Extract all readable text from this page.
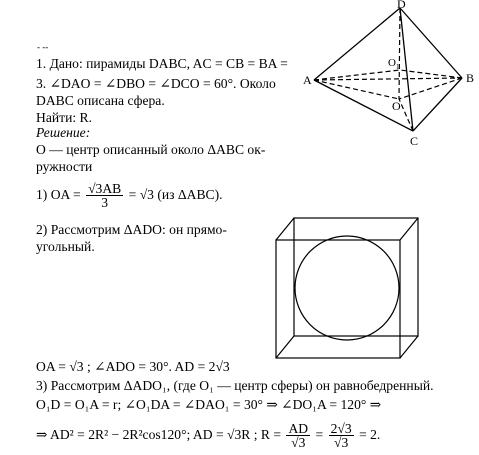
- --
1. Дано: пирамиды DABC, AC = CB = BA =
3. ∠DAO = ∠DBO = ∠DCO = 60°. Около
DABC описана сфера.
Найти: R.
Решение:
O — центр описанный около ΔABC ок-
ружности
1) OA = $\frac{√3AB}{3} = √3$ (из ΔABC).
2) Рассмотрим ΔADO: он прямо-
угольный.
OA = √3 ; ∠ADO = 30°. AD = 2√3
3) Рассмотрим ΔADO₁, (где O₁ — центр сферы) он равнобедренный.
O₁D = O₁A = r; ∠O₁DA = ∠DAO₁ = 30° ⇒ ∠DO₁A = 120° ⇒
⇒ AD² = 2R² − 2R²cos120°; AD = √3R ; $R = \frac{AD}{√3} = \frac{2√3}{√3} = 2$.
D
A	B
C
O
O 1
